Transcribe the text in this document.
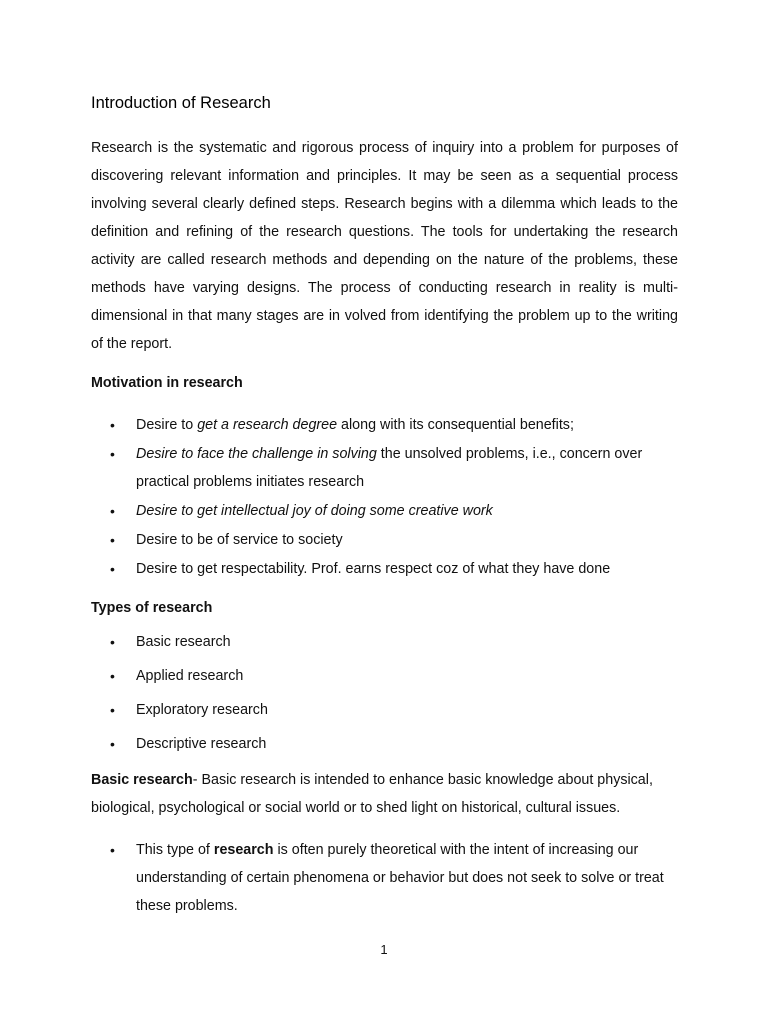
Introduction of Research

Research is the systematic and rigorous process of inquiry into a problem for purposes of discovering relevant information and principles. It may be seen as a sequential process involving several clearly defined steps. Research begins with a dilemma which leads to the definition and refining of the research questions. The tools for undertaking the research activity are called research methods and depending on the nature of the problems, these methods have varying designs. The process of conducting research in reality is multi-dimensional in that many stages are in volved from identifying the problem up to the writing of the report.

Motivation in research
• Desire to get a research degree along with its consequential benefits;
• Desire to face the challenge in solving the unsolved problems, i.e., concern over practical problems initiates research
• Desire to get intellectual joy of doing some creative work
• Desire to be of service to society
• Desire to get respectability. Prof. earns respect coz of what they have done
Types of research
• Basic research
• Applied research
• Exploratory research
• Descriptive research

Basic research- Basic research is intended to enhance basic knowledge about physical, biological, psychological or social world or to shed light on historical, cultural issues.

• This type of research is often purely theoretical with the intent of increasing our understanding of certain phenomena or behavior but does not seek to solve or treat these problems.
1
